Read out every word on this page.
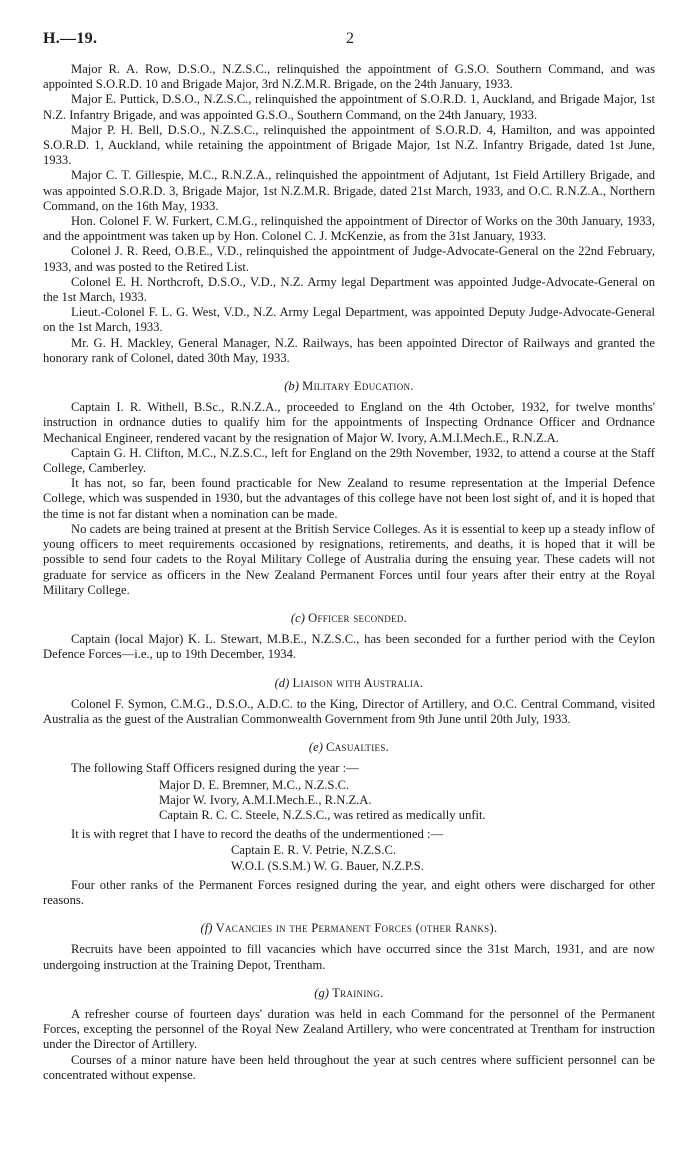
H.—19.	2

Major R. A. Row, D.S.O., N.Z.S.C., relinquished the appointment of G.S.O. Southern Command, and was appointed S.O.R.D. 10 and Brigade Major, 3rd N.Z.M.R. Brigade, on the 24th January, 1933.

Major E. Puttick, D.S.O., N.Z.S.C., relinquished the appointment of S.O.R.D. 1, Auckland, and Brigade Major, 1st N.Z. Infantry Brigade, and was appointed G.S.O., Southern Command, on the 24th January, 1933.

Major P. H. Bell, D.S.O., N.Z.S.C., relinquished the appointment of S.O.R.D. 4, Hamilton, and was appointed S.O.R.D. 1, Auckland, while retaining the appointment of Brigade Major, 1st N.Z. Infantry Brigade, dated 1st June, 1933.

Major C. T. Gillespie, M.C., R.N.Z.A., relinquished the appointment of Adjutant, 1st Field Artillery Brigade, and was appointed S.O.R.D. 3, Brigade Major, 1st N.Z.M.R. Brigade, dated 21st March, 1933, and O.C. R.N.Z.A., Northern Command, on the 16th May, 1933.

Hon. Colonel F. W. Furkert, C.M.G., relinquished the appointment of Director of Works on the 30th January, 1933, and the appointment was taken up by Hon. Colonel C. J. McKenzie, as from the 31st January, 1933.

Colonel J. R. Reed, O.B.E., V.D., relinquished the appointment of Judge-Advocate-General on the 22nd February, 1933, and was posted to the Retired List.

Colonel E. H. Northcroft, D.S.O., V.D., N.Z. Army legal Department was appointed Judge-Advocate-General on the 1st March, 1933.

Lieut.-Colonel F. L. G. West, V.D., N.Z. Army Legal Department, was appointed Deputy Judge-Advocate-General on the 1st March, 1933.

Mr. G. H. Mackley, General Manager, N.Z. Railways, has been appointed Director of Railways and granted the honorary rank of Colonel, dated 30th May, 1933.

(b) Military Education.

Captain I. R. Withell, B.Sc., R.N.Z.A., proceeded to England on the 4th October, 1932, for twelve months' instruction in ordnance duties to qualify him for the appointments of Inspecting Ordnance Officer and Ordnance Mechanical Engineer, rendered vacant by the resignation of Major W. Ivory, A.M.I.Mech.E., R.N.Z.A.

Captain G. H. Clifton, M.C., N.Z.S.C., left for England on the 29th November, 1932, to attend a course at the Staff College, Camberley.

It has not, so far, been found practicable for New Zealand to resume representation at the Imperial Defence College, which was suspended in 1930, but the advantages of this college have not been lost sight of, and it is hoped that the time is not far distant when a nomination can be made.

No cadets are being trained at present at the British Service Colleges. As it is essential to keep up a steady inflow of young officers to meet requirements occasioned by resignations, retirements, and deaths, it is hoped that it will be possible to send four cadets to the Royal Military College of Australia during the ensuing year. These cadets will not graduate for service as officers in the New Zealand Permanent Forces until four years after their entry at the Royal Military College.

(c) Officer seconded.

Captain (local Major) K. L. Stewart, M.B.E., N.Z.S.C., has been seconded for a further period with the Ceylon Defence Forces—i.e., up to 19th December, 1934.

(d) Liaison with Australia.

Colonel F. Symon, C.M.G., D.S.O., A.D.C. to the King, Director of Artillery, and O.C. Central Command, visited Australia as the guest of the Australian Commonwealth Government from 9th June until 20th July, 1933.

(e) Casualties.

The following Staff Officers resigned during the year :—

Major D. E. Bremner, M.C., N.Z.S.C.
Major W. Ivory, A.M.I.Mech.E., R.N.Z.A.
Captain R. C. C. Steele, N.Z.S.C., was retired as medically unfit.

It is with regret that I have to record the deaths of the undermentioned :—

Captain E. R. V. Petrie, N.Z.S.C.
W.O.I. (S.S.M.) W. G. Bauer, N.Z.P.S.

Four other ranks of the Permanent Forces resigned during the year, and eight others were discharged for other reasons.

(f) Vacancies in the Permanent Forces (other Ranks).

Recruits have been appointed to fill vacancies which have occurred since the 31st March, 1931, and are now undergoing instruction at the Training Depot, Trentham.

(g) Training.

A refresher course of fourteen days' duration was held in each Command for the personnel of the Permanent Forces, excepting the personnel of the Royal New Zealand Artillery, who were concentrated at Trentham for instruction under the Director of Artillery.

Courses of a minor nature have been held throughout the year at such centres where sufficient personnel can be concentrated without expense.
